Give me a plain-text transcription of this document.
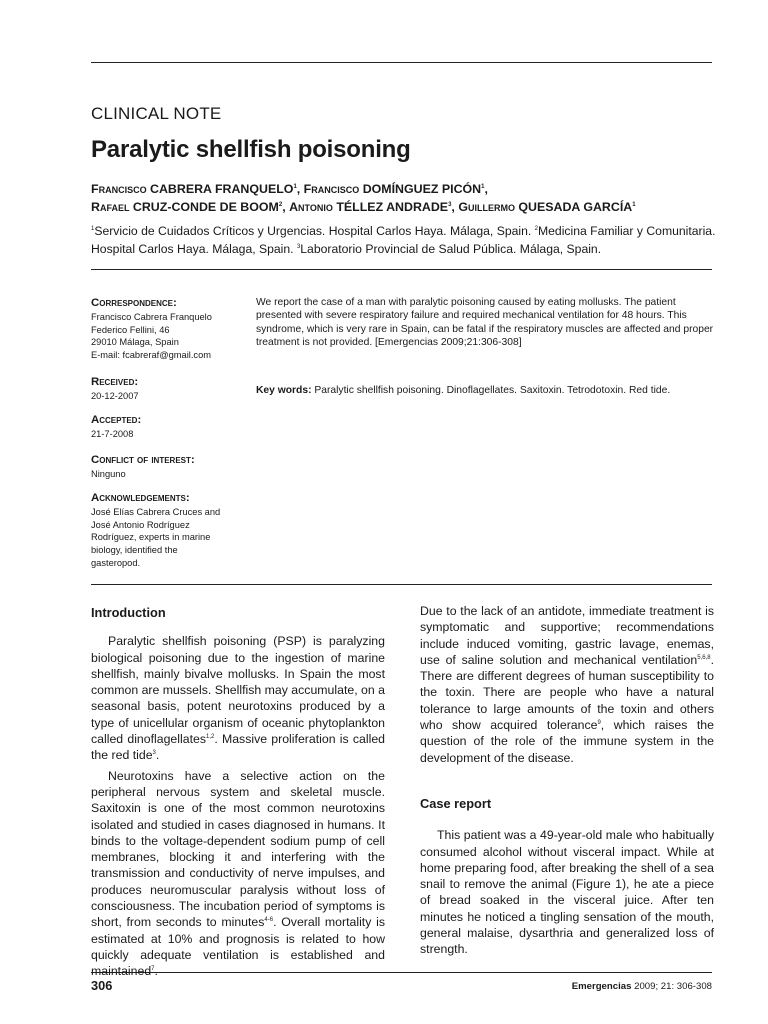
CLINICAL NOTE
Paralytic shellfish poisoning
Francisco CABRERA FRANQUELO$^1$, Francisco DOMÍNGUEZ PICÓN$^1$,
Rafael CRUZ-CONDE DE BOOM$^2$, Antonio TÉLLEZ ANDRADE$^3$, Guillermo QUESADA GARCÍA$^1$
$^1$Servicio de Cuidados Críticos y Urgencias. Hospital Carlos Haya. Málaga, Spain. $^2$Medicina Familiar y Comunitaria. Hospital Carlos Haya. Málaga, Spain. $^3$Laboratorio Provincial de Salud Pública. Málaga, Spain.
Correspondence:
Francisco Cabrera Franquelo
Federico Fellini, 46
29010 Málaga, Spain
E-mail: fcabreraf@gmail.com
Received:
20-12-2007
Accepted:
21-7-2008
Conflict of interest:
Ninguno
Acknowledgements:
José Elías Cabrera Cruces and
José Antonio Rodríguez
Rodríguez, experts in marine
biology, identified the
gasteropod.
We report the case of a man with paralytic poisoning caused by eating mollusks. The patient presented with severe respiratory failure and required mechanical ventilation for 48 hours. This syndrome, which is very rare in Spain, can be fatal if the respiratory muscles are affected and proper treatment is not provided. [Emergencias 2009;21:306-308]
Key words: Paralytic shellfish poisoning. Dinoflagellates. Saxitoxin. Tetrodotoxin. Red tide.
Introduction

Paralytic shellfish poisoning (PSP) is paralyzing biological poisoning due to the ingestion of marine shellfish, mainly bivalve mollusks. In Spain the most common are mussels. Shellfish may accumulate, on a seasonal basis, potent neurotoxins produced by a type of unicellular organism of oceanic phytoplankton called dinoflagellates$^{1,2}$. Massive proliferation is called the red tide$^3$.

Neurotoxins have a selective action on the peripheral nervous system and skeletal muscle. Saxitoxin is one of the most common neurotoxins isolated and studied in cases diagnosed in humans. It binds to the voltage-dependent sodium pump of cell membranes, blocking it and interfering with the transmission and conductivity of nerve impulses, and produces neuromuscular paralysis without loss of consciousness. The incubation period of symptoms is short, from seconds to minutes$^{4-6}$. Overall mortality is estimated at 10% and prognosis is related to how quickly adequate ventilation is established and maintained$^7$.

Due to the lack of an antidote, immediate treatment is symptomatic and supportive; recommendations include induced vomiting, gastric lavage, enemas, use of saline solution and mechanical ventilation$^{5,6,8}$. There are different degrees of human susceptibility to the toxin. There are people who have a natural tolerance to large amounts of the toxin and others who show acquired tolerance$^9$, which raises the question of the role of the immune system in the development of the disease.

Case report

This patient was a 49-year-old male who habitually consumed alcohol without visceral impact. While at home preparing food, after breaking the shell of a sea snail to remove the animal (Figure 1), he ate a piece of bread soaked in the visceral juice. After ten minutes he noticed a tingling sensation of the mouth, general malaise, dysarthria and generalized loss of strength.

306	Emergencias 2009; 21: 306-308
